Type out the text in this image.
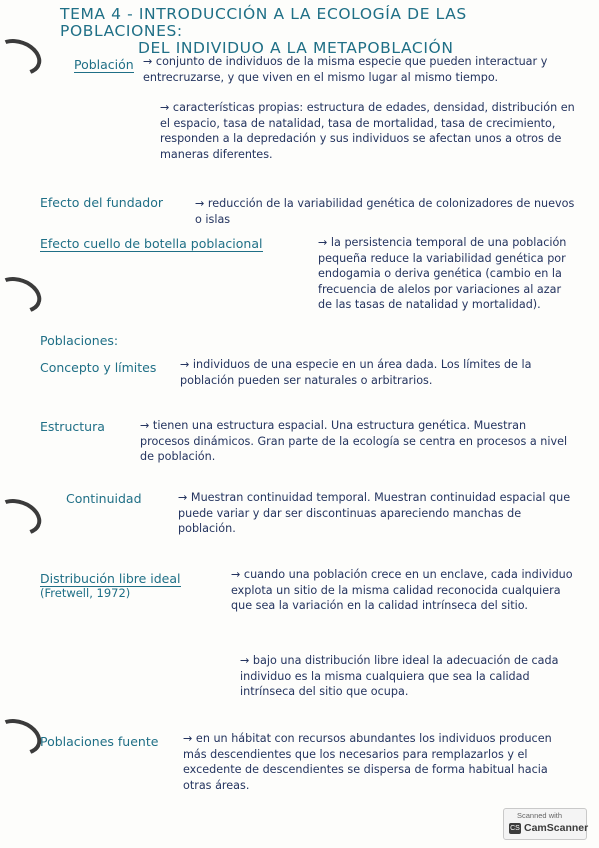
TEMA 4 - INTRODUCCIÓN A LA ECOLOGÍA DE LAS POBLACIONES:
DEL INDIVIDUO A LA METAPOBLACIÓN
Población → conjunto de individuos de la misma especie que pueden interactuar y entrecruzarse, y que viven en el mismo lugar al mismo tiempo.
→ características propias: estructura de edades, densidad, distribución en el espacio, tasa de natalidad, tasa de mortalidad, tasa de crecimiento, responden a la depredación y sus individuos se afectan unos a otros de maneras diferentes.
Efecto del fundador	→ reducción de la variabilidad genética de colonizadores de nuevos o islas
Efecto cuello de botella poblacional	→ la persistencia temporal de una población pequeña reduce la variabilidad genética por endogamia o deriva genética (cambio en la frecuencia de alelos por variaciones al azar de las tasas de natalidad y mortalidad).
Poblaciones:
Concepto y límites → individuos de una especie en un área dada. Los límites de la población pueden ser naturales o arbitrarios.
Estructura	→ tienen una estructura espacial. Una estructura genética. Muestran procesos dinámicos. Gran parte de la ecología se centra en procesos a nivel de población.
Continuidad	→ Muestran continuidad temporal. Muestran continuidad espacial que puede variar y dar ser discontinuas apareciendo manchas de población.
Distribución libre ideal
(Fretwell, 1972)
→ cuando una población crece en un enclave, cada individuo explota un sitio de la misma calidad reconocida cualquiera que sea la variación en la calidad intrínseca del sitio.
→ bajo una distribución libre ideal la adecuación de cada individuo es la misma cualquiera que sea la calidad intrínseca del sitio que ocupa.
Poblaciones fuente → en un hábitat con recursos abundantes los individuos producen más descendientes que los necesarios para remplazarlos y el excedente de descendientes se dispersa de forma habitual hacia otras áreas.
Scanned with
CS CamScanner
